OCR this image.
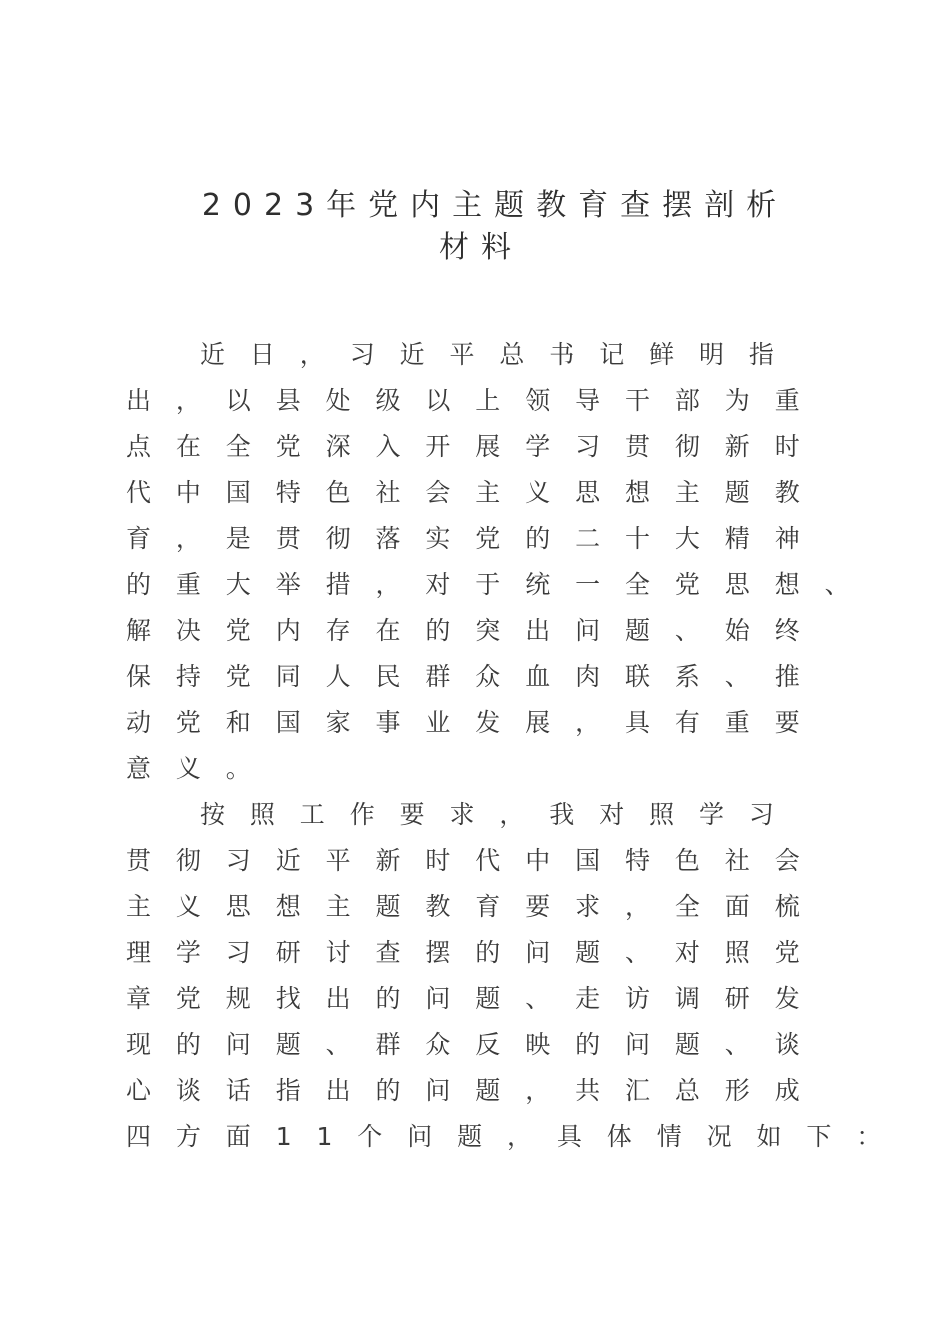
2023年党内主题教育查摆剖析
材料
近日，习近平总书记鲜明指
出，以县处级以上领导干部为重
点在全党深入开展学习贯彻新时
代中国特色社会主义思想主题教
育，是贯彻落实党的二十大精神
的重大举措，对于统一全党思想、
解决党内存在的突出问题、始终
保持党同人民群众血肉联系、推
动党和国家事业发展，具有重要
意义。
按照工作要求，我对照学习
贯彻习近平新时代中国特色社会
主义思想主题教育要求，全面梳
理学习研讨查摆的问题、对照党
章党规找出的问题、走访调研发
现的问题、群众反映的问题、谈
心谈话指出的问题，共汇总形成
四方面11个问题，具体情况如下：
